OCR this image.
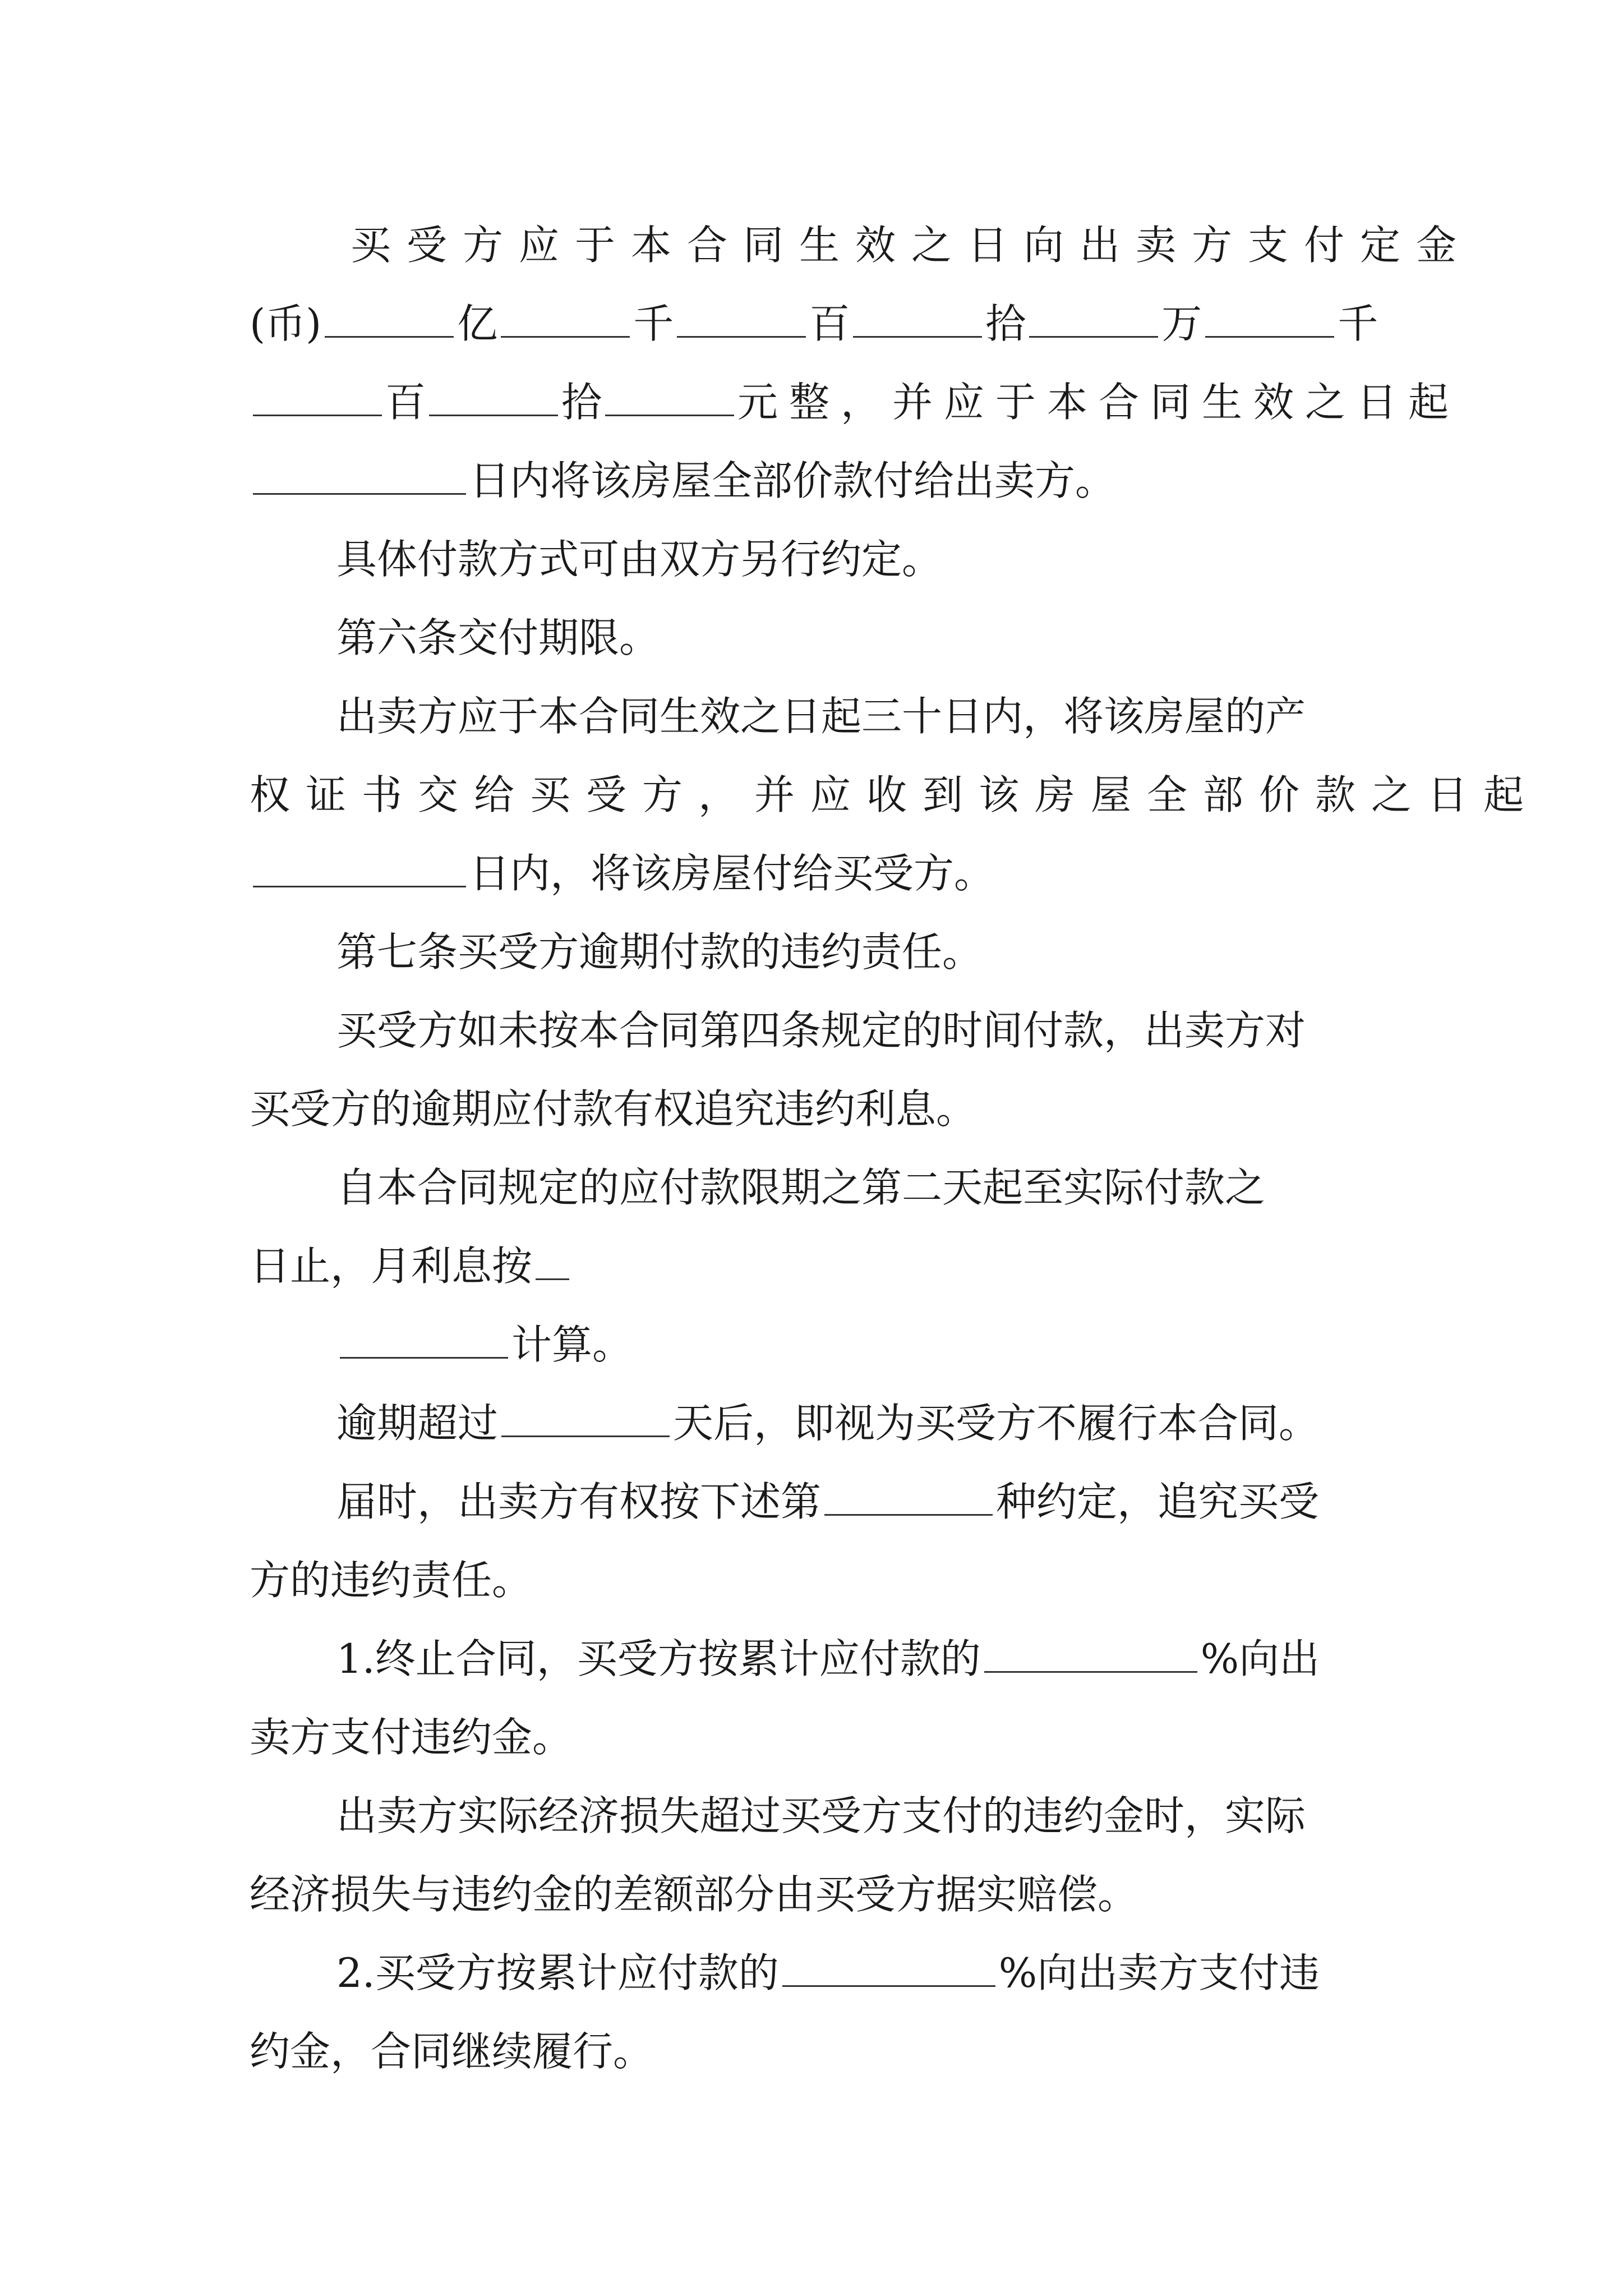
买受方应于本合同生效之日向出卖方支付定金
(币)	亿	千	百	拾	万	千
百	拾	元整，并应于本合同生效之日起
日内将该房屋全部价款付给出卖方。
具体付款方式可由双方另行约定。
第六条交付期限。
出卖方应于本合同生效之日起三十日内，将该房屋的产
权证书交给买受方，并应收到该房屋全部价款之日起
日内，将该房屋付给买受方。
第七条买受方逾期付款的违约责任。
买受方如未按本合同第四条规定的时间付款，出卖方对
买受方的逾期应付款有权追究违约利息。
自本合同规定的应付款限期之第二天起至实际付款之
日止，月利息按
计算。
逾期超过	天后，即视为买受方不履行本合同。
届时，出卖方有权按下述第	种约定，追究买受
方的违约责任。
1.终止合同，买受方按累计应付款的	%向出
卖方支付违约金。
出卖方实际经济损失超过买受方支付的违约金时，实际
经济损失与违约金的差额部分由买受方据实赔偿。
2.买受方按累计应付款的	%向出卖方支付违
约金，合同继续履行。
